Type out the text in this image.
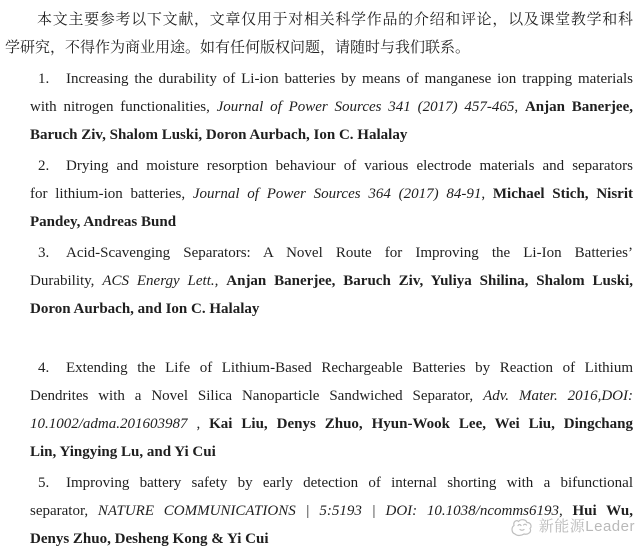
本文主要参考以下文献，文章仅用于对相关科学作品的介绍和评论，以及课堂教学和科
学研究，不得作为商业用途。如有任何版权问题，请随时与我们联系。
1. Increasing the durability of Li-ion batteries by means of manganese ion trapping materials
with nitrogen functionalities, Journal of Power Sources 341 (2017) 457-465, Anjan Banerjee,
Baruch Ziv, Shalom Luski, Doron Aurbach, Ion C. Halalay
2. Drying and moisture resorption behaviour of various electrode materials and separators
for lithium-ion batteries, Journal of Power Sources 364 (2017) 84-91, Michael Stich, Nisrit
Pandey, Andreas Bund
3. Acid-Scavenging Separators: A Novel Route for Improving the Li-Ion Batteries’
Durability, ACS Energy Lett., Anjan Banerjee, Baruch Ziv, Yuliya Shilina, Shalom Luski,
Doron Aurbach, and Ion C. Halalay
4. Extending the Life of Lithium-Based Rechargeable Batteries by Reaction of Lithium
Dendrites with a Novel Silica Nanoparticle Sandwiched Separator, Adv. Mater. 2016,DOI:
10.1002/adma.201603987 , Kai Liu, Denys Zhuo, Hyun-Wook Lee, Wei Liu, Dingchang
Lin, Yingying Lu, and Yi Cui
5. Improving battery safety by early detection of internal shorting with a bifunctional
separator, NATURE COMMUNICATIONS | 5:5193 | DOI: 10.1038/ncomms6193, Hui Wu,
Denys Zhuo, Desheng Kong & Yi Cui
新能源Leader
